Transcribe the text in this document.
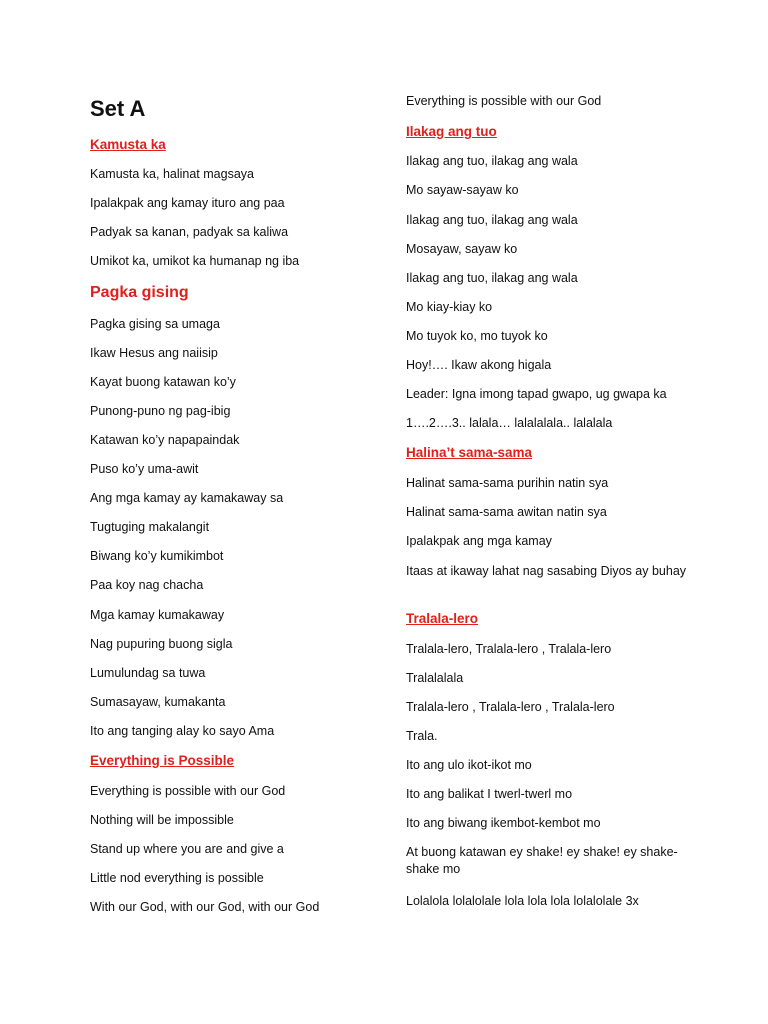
Set A

Kamusta ka

Kamusta ka, halinat magsaya

Ipalakpak ang kamay ituro ang paa

Padyak sa kanan, padyak sa kaliwa

Umikot ka, umikot ka humanap ng iba

Pagka gising

Pagka gising sa umaga

Ikaw Hesus ang naiisip

Kayat buong katawan ko’y

Punong-puno ng pag-ibig

Katawan ko’y napapaindak

Puso ko’y uma-awit

Ang mga kamay ay kamakaway sa

Tugtuging makalangit

Biwang ko’y kumikimbot

Paa koy nag chacha

Mga kamay kumakaway

Nag pupuring buong sigla

Lumulundag sa tuwa

Sumasayaw, kumakanta

Ito ang tanging alay ko sayo Ama

Everything is Possible

Everything is possible with our God

Nothing will be impossible

Stand up where you are and give a

Little nod everything is possible

With our God, with our God, with our God

Everything is possible with our God

Ilakag ang tuo

Ilakag ang tuo, ilakag ang wala

Mo sayaw-sayaw ko

Ilakag ang tuo, ilakag ang wala

Mosayaw, sayaw ko

Ilakag ang tuo, ilakag ang wala

Mo kiay-kiay ko

Mo tuyok ko, mo tuyok ko

Hoy!…. Ikaw akong higala

Leader: Igna imong tapad gwapo, ug gwapa ka

1….2….3.. lalala… lalalalala.. lalalala

Halina’t sama-sama

Halinat sama-sama purihin natin sya

Halinat sama-sama awitan natin sya

Ipalakpak ang mga kamay

Itaas at ikaway lahat nag sasabing Diyos ay buhay

Tralala-lero

Tralala-lero, Tralala-lero , Tralala-lero

Tralalalala

Tralala-lero , Tralala-lero , Tralala-lero

Trala.

Ito ang ulo ikot-ikot mo

Ito ang balikat I twerl-twerl mo

Ito ang biwang ikembot-kembot mo

At buong katawan ey shake! ey shake! ey shake-shake mo

Lolalola lolalolale lola lola lola lolalolale 3x
